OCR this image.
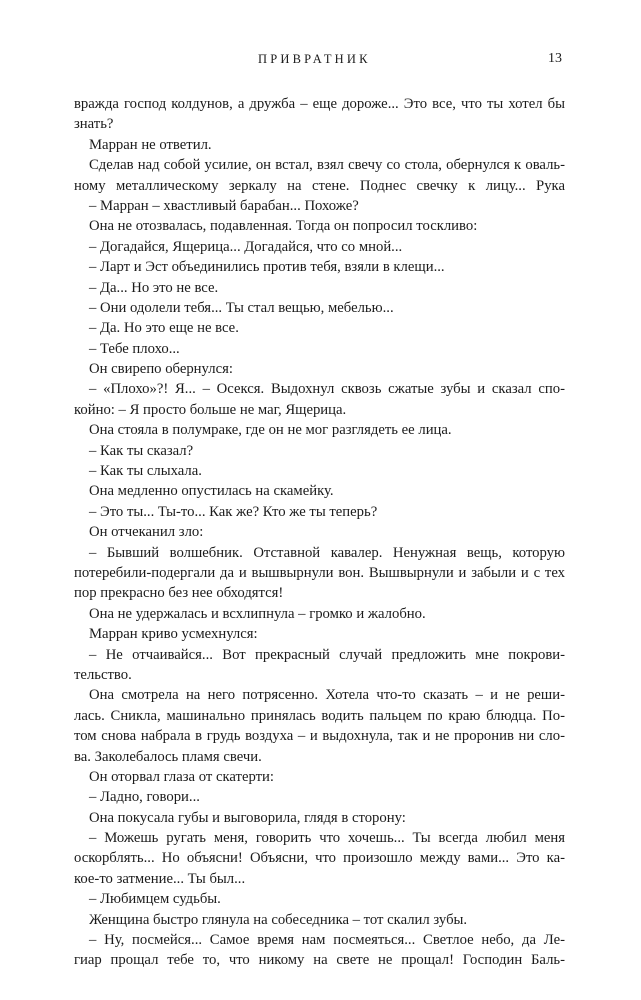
ПРИВРАТНИК	13
вражда господ колдунов, а дружба – еще дороже... Это все, что ты хотел бы
знать?
Марран не ответил.
Сделав над собой усилие, он встал, взял свечу со стола, обернулся к оваль-
ному металлическому зеркалу на стене. Поднес свечку к лицу... Рука
– Марран – хвастливый барабан... Похоже?
Она не отозвалась, подавленная. Тогда он попросил тоскливо:
– Догадайся, Ящерица... Догадайся, что со мной...
– Ларт и Эст объединились против тебя, взяли в клещи...
– Да... Но это не все.
– Они одолели тебя... Ты стал вещью, мебелью...
– Да. Но это еще не все.
– Тебе плохо...
Он свирепо обернулся:
– «Плохо»?! Я... – Осекся. Выдохнул сквозь сжатые зубы и сказал спо-
койно: – Я просто больше не маг, Ящерица.
Она стояла в полумраке, где он не мог разглядеть ее лица.
– Как ты сказал?
– Как ты слыхала.
Она медленно опустилась на скамейку.
– Это ты... Ты-то... Как же? Кто же ты теперь?
Он отчеканил зло:
– Бывший волшебник. Отставной кавалер. Ненужная вещь, которую
потеребили-подергали да и вышвырнули вон. Вышвырнули и забыли и с тех
пор прекрасно без нее обходятся!
Она не удержалась и всхлипнула – громко и жалобно.
Марран криво усмехнулся:
– Не отчаивайся... Вот прекрасный случай предложить мне покрови-
тельство.
Она смотрела на него потрясенно. Хотела что-то сказать – и не реши-
лась. Сникла, машинально принялась водить пальцем по краю блюдца. По-
том снова набрала в грудь воздуха – и выдохнула, так и не проронив ни сло-
ва. Заколебалось пламя свечи.
Он оторвал глаза от скатерти:
– Ладно, говори...
Она покусала губы и выговорила, глядя в сторону:
– Можешь ругать меня, говорить что хочешь... Ты всегда любил меня
оскорблять... Но объясни! Объясни, что произошло между вами... Это ка-
кое-то затмение... Ты был...
– Любимцем судьбы.
Женщина быстро глянула на собеседника – тот скалил зубы.
– Ну, посмейся... Самое время нам посмеяться... Светлое небо, да Ле-
гиар прощал тебе то, что никому на свете не прощал! Господин Баль-
